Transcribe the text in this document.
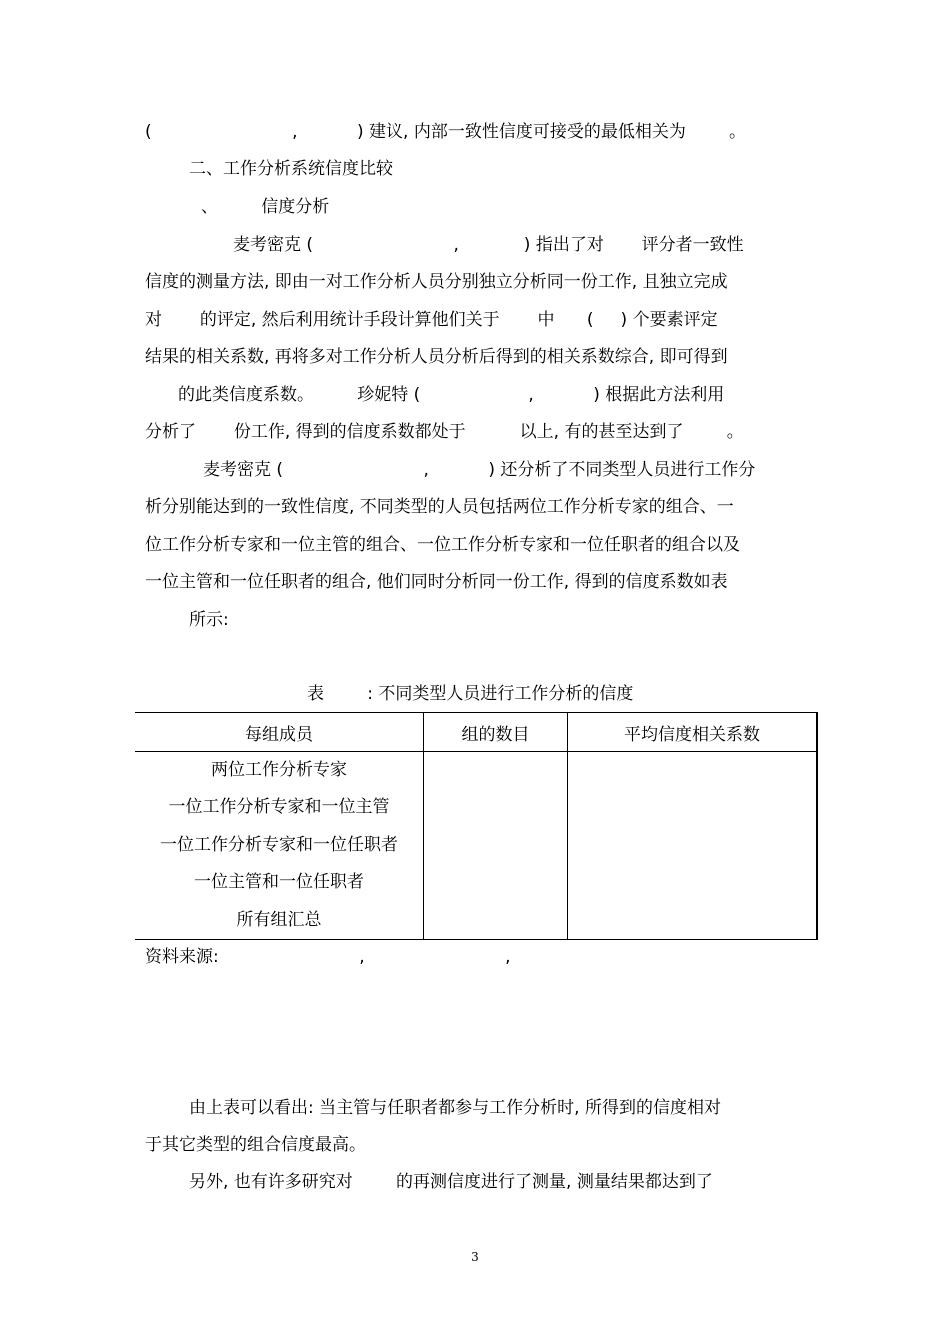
(                          ,           ) 建议, 内部一致性信度可接受的最低相关为        。
二、工作分析系统信度比较
、        信度分析
麦考密克 (                          ,            ) 指出了对       评分者一致性
信度的测量方法, 即由一对工作分析人员分别独立分析同一份工作, 且独立完成
对       的评定, 然后利用统计手段计算他们关于       中      (     ) 个要素评定
结果的相关系数, 再将多对工作分析人员分析后得到的相关系数综合, 即可得到
的此类信度系数。        珍妮特 (                    ,           ) 根据此方法利用
分析了       份工作, 得到的信度系数都处于          以上, 有的甚至达到了        。
麦考密克 (                          ,           ) 还分析了不同类型人员进行工作分
析分别能达到的一致性信度, 不同类型的人员包括两位工作分析专家的组合、一
位工作分析专家和一位主管的组合、一位工作分析专家和一位任职者的组合以及
一位主管和一位任职者的组合, 他们同时分析同一份工作, 得到的信度系数如表
所示:
表        : 不同类型人员进行工作分析的信度
每组成员	组的数目	平均信度相关系数

两位工作分析专家
一位工作分析专家和一位主管
一位工作分析专家和一位任职者
一位主管和一位任职者
所有组汇总		

资料来源:                          ,                          ,
由上表可以看出: 当主管与任职者都参与工作分析时, 所得到的信度相对
于其它类型的组合信度最高。
另外, 也有许多研究对        的再测信度进行了测量, 测量结果都达到了
3
